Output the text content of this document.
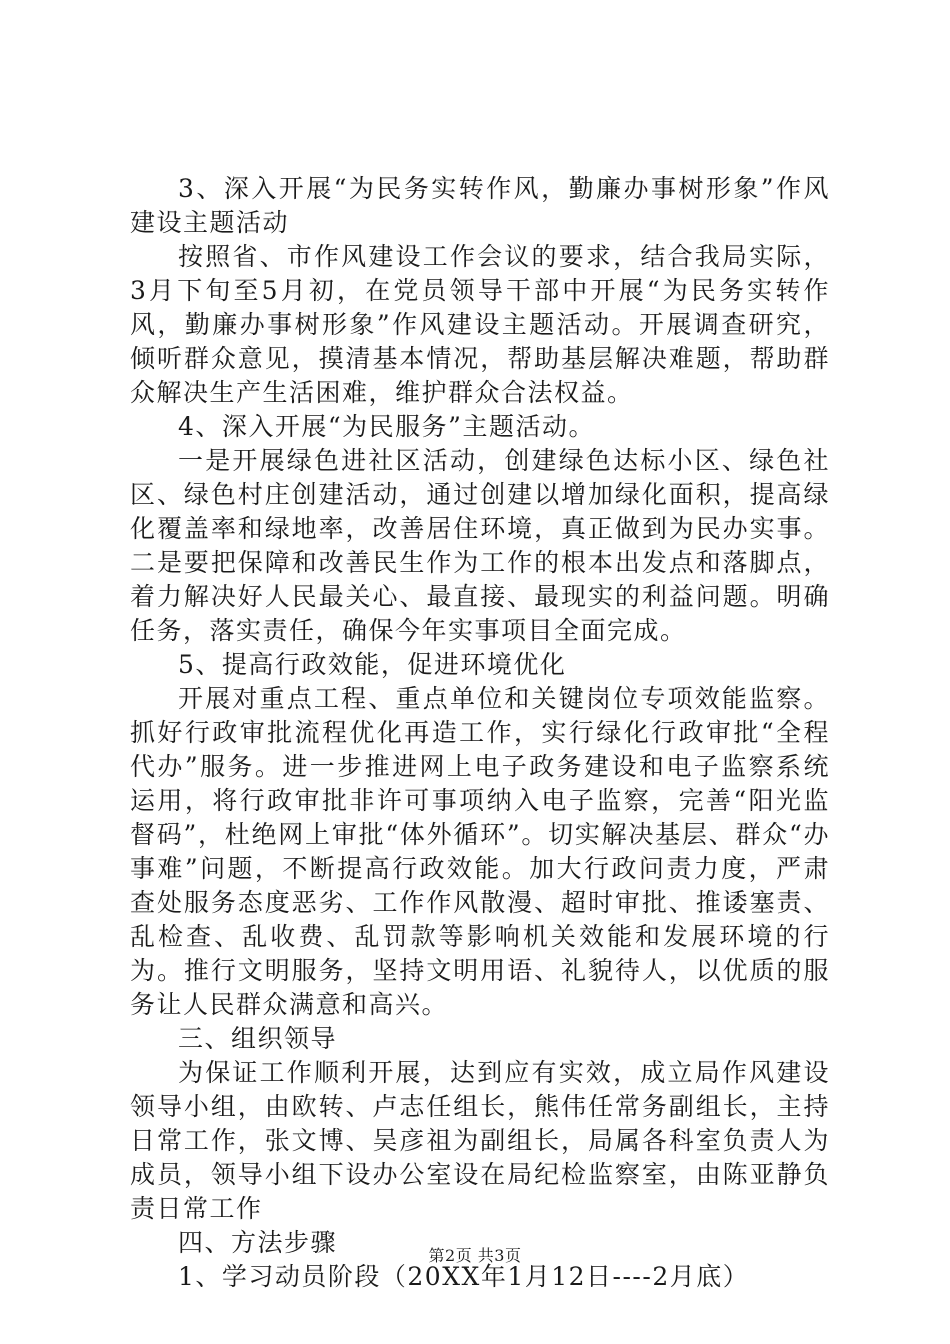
3、深入开展“为民务实转作风，勤廉办事树形象”作风建设主题活动

按照省、市作风建设工作会议的要求，结合我局实际，3月下旬至5月初，在党员领导干部中开展“为民务实转作风，勤廉办事树形象”作风建设主题活动。开展调查研究，倾听群众意见，摸清基本情况，帮助基层解决难题，帮助群众解决生产生活困难，维护群众合法权益。

4、深入开展“为民服务”主题活动。

一是开展绿色进社区活动，创建绿色达标小区、绿色社区、绿色村庄创建活动，通过创建以增加绿化面积，提高绿化覆盖率和绿地率，改善居住环境，真正做到为民办实事。二是要把保障和改善民生作为工作的根本出发点和落脚点，着力解决好人民最关心、最直接、最现实的利益问题。明确任务，落实责任，确保今年实事项目全面完成。

5、提高行政效能，促进环境优化

开展对重点工程、重点单位和关键岗位专项效能监察。抓好行政审批流程优化再造工作，实行绿化行政审批“全程代办”服务。进一步推进网上电子政务建设和电子监察系统运用，将行政审批非许可事项纳入电子监察，完善“阳光监督码”，杜绝网上审批“体外循环”。切实解决基层、群众“办事难”问题，不断提高行政效能。加大行政问责力度，严肃查处服务态度恶劣、工作作风散漫、超时审批、推诿塞责、乱检查、乱收费、乱罚款等影响机关效能和发展环境的行为。推行文明服务，坚持文明用语、礼貌待人，以优质的服务让人民群众满意和高兴。

三、组织领导

为保证工作顺利开展，达到应有实效，成立局作风建设领导小组，由欧转、卢志任组长，熊伟任常务副组长，主持日常工作，张文博、吴彦祖为副组长，局属各科室负责人为成员，领导小组下设办公室设在局纪检监察室，由陈亚静负责日常工作

四、方法步骤

1、学习动员阶段（20XX年1月12日----2月底）

第2页 共3页
